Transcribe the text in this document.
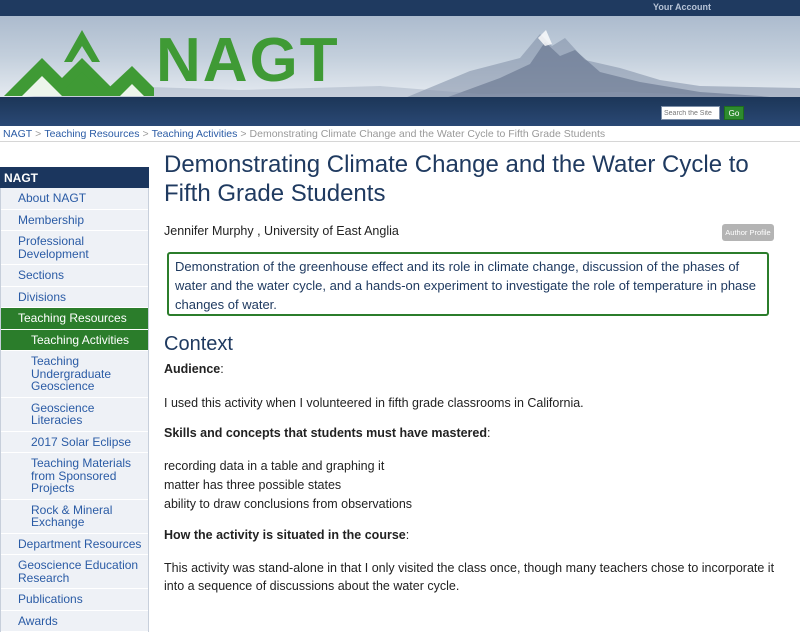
Your Account
NAGT
Search the Site
Go
NAGT > Teaching Resources > Teaching Activities > Demonstrating Climate Change and the Water Cycle to Fifth Grade Students
NAGT
About NAGT
Membership
Professional Development
Sections
Divisions
Teaching Resources
Teaching Activities
Teaching Undergraduate Geoscience
Geoscience Literacies
2017 Solar Eclipse
Teaching Materials from Sponsored Projects
Rock & Mineral Exchange
Department Resources
Geoscience Education Research
Publications
Awards
Demonstrating Climate Change and the Water Cycle to Fifth Grade Students
Jennifer Murphy , University of East Anglia	Author Profile
Demonstration of the greenhouse effect and its role in climate change, discussion of the phases of water and the water cycle, and a hands-on experiment to investigate the role of temperature in phase changes of water.
Context
Audience:
I used this activity when I volunteered in fifth grade classrooms in California.
Skills and concepts that students must have mastered:
recording data in a table and graphing it
matter has three possible states
ability to draw conclusions from observations
How the activity is situated in the course:
This activity was stand-alone in that I only visited the class once, though many teachers chose to incorporate it into a sequence of discussions about the water cycle.
